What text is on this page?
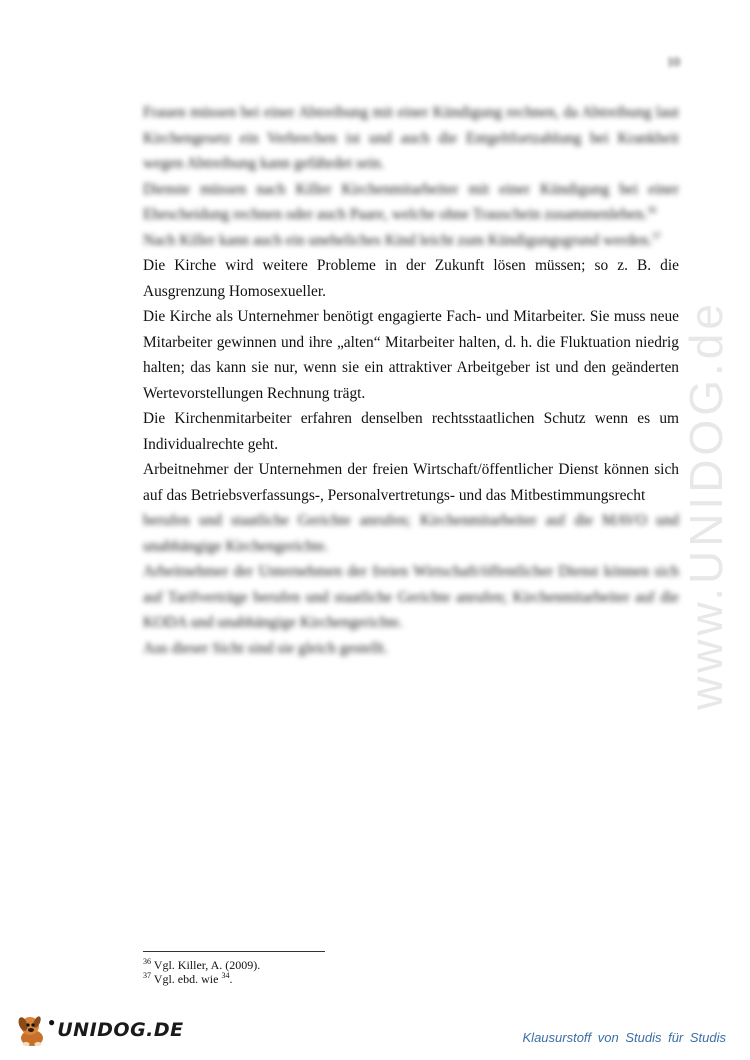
www.UNIDOG.de
10

Frauen müssen bei einer Abtreibung mit einer Kündigung rechnen, da Abtreibung laut Kirchengesetz ein Verbrechen ist und auch die Entgeltfortzahlung bei Krankheit wegen Abtreibung kann gefährdet sein.

Dienste müssen nach Killer Kirchenmitarbeiter mit einer Kündigung bei einer Ehescheidung rechnen oder auch Paare, welche ohne Trauschein zusammenleben.$^{36}$

Nach Killer kann auch ein uneheliches Kind leicht zum Kündigungsgrund werden.$^{37}$

Die Kirche wird weitere Probleme in der Zukunft lösen müssen; so z. B. die Ausgrenzung Homosexueller.

Die Kirche als Unternehmer benötigt engagierte Fach- und Mitarbeiter. Sie muss neue Mitarbeiter gewinnen und ihre „alten“ Mitarbeiter halten, d. h. die Fluktuation niedrig halten; das kann sie nur, wenn sie ein attraktiver Arbeitgeber ist und den geänderten Wertevorstellungen Rechnung trägt.

Die Kirchenmitarbeiter erfahren denselben rechtsstaatlichen Schutz wenn es um Individualrechte geht.

Arbeitnehmer der Unternehmen der freien Wirtschaft/öffentlicher Dienst können sich auf das Betriebsverfassungs-, Personalvertretungs- und das Mitbestimmungsrecht

berufen und staatliche Gerichte anrufen; Kirchenmitarbeiter auf die MAVO und unabhängige Kirchengerichte.

Arbeitnehmer der Unternehmen der freien Wirtschaft/öffentlicher Dienst können sich auf Tarifverträge berufen und staatliche Gerichte anrufen; Kirchenmitarbeiter auf die KODA und unabhängige Kirchengerichte.

Aus dieser Sicht sind sie gleich gestellt.

$^{36}$ Vgl. Killer, A. (2009).
$^{37}$ Vgl. ebd. wie $^{34}$.
● UNIDOG.DE	Klausurstoff von Studis für Studis
